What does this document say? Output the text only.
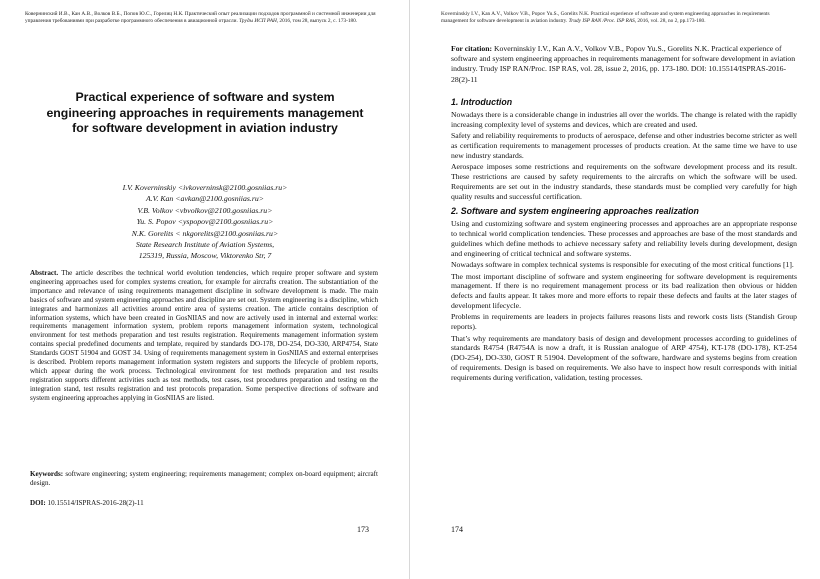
Ковернинский И.В., Кан А.В., Волков В.Б., Попов Ю.С., Горелиц Н.К. Практический опыт реализации подходов программной и системной инженерии для управления требованиями при разработке программного обеспечения в авиационной отрасли. Труды ИСП РАН, 2016, том 28, выпуск 2, с. 173-180.
Practical experience of software and system engineering approaches in requirements management for software development in aviation industry
I.V. Koverninskiy <ivkoverninsk@2100.gosniias.ru>
A.V. Kan <avkan@2100.gosniias.ru>
V.B. Volkov <vbvolkov@2100.gosniias.ru>
Yu. S. Popov <yspopov@2100.gosniias.ru>
N.K. Gorelits < nkgorelits@2100.gosniias.ru>
State Research Institute of Aviation Systems,
125319, Russia, Moscow, Viktorenko Str, 7

Abstract. The article describes the technical world evolution tendencies, which require proper software and system engineering approaches used for complex systems creation, for example for aircrafts creation. The substantiation of the importance and relevance of using requirements management discipline in software development is made. The main basics of software and system engineering approaches and discipline are set out. System engineering is a discipline, which integrates and harmonizes all activities around entire area of systems creation. The article contains description of information systems, which have been created in GosNIIAS and now are actively used in internal and external works: requirements management information system, problem reports management information system, technological environment for test methods preparation and test results registration. Requirements management information system contains special predefined documents and template, required by standards DO-178, DO-254, DO-330, ARP4754, State Standards GOST 51904 and GOST 34. Using of requirements management system in GosNIIAS and external enterprises is described. Problem reports management information system registers and supports the lifecycle of problem reports, which appear during the work process. Technological environment for test methods preparation and test results registration supports different activities such as test methods, test cases, test procedures preparation and testing on the integration stand, test results registration and test protocols preparation. Some perspective directions of software and system engineering approaches applying in GosNIIAS are listed.

Keywords: software engineering; system engineering; requirements management; complex on-board equipment; aircraft design.

DOI: 10.15514/ISPRAS-2016-28(2)-11

173
Koverninskiy I.V., Kan A.V., Volkov V.B., Popov Yu.S., Gorelits N.K. Practical experience of software and system engineering approaches in requirements management for software development in aviation industry. Trudy ISP RAN /Proc. ISP RAS, 2016, vol. 28, no 2, pp.173-180.
For citation: Koverninskiy I.V., Kan A.V., Volkov V.B., Popov Yu.S., Gorelits N.K. Practical experience of software and system engineering approaches in requirements management for software development in aviation industry. Trudy ISP RAN/Proc. ISP RAS, vol. 28, issue 2, 2016, pp. 173-180. DOI: 10.15514/ISPRAS-2016-28(2)-11
1. Introduction

Nowadays there is a considerable change in industries all over the worlds. The change is related with the rapidly increasing complexity level of systems and devices, which are created and used.

Safety and reliability requirements to products of aerospace, defense and other industries become stricter as well as certification requirements to management processes of products creation. At the same time we have to use new industry standards.

Aerospace imposes some restrictions and requirements on the software development process and its result. These restrictions are caused by safety requirements to the aircrafts on which the software will be used. Requirements are set out in the industry standards, these standards must be complied very carefully for high quality results and successful certification.

2. Software and system engineering approaches realization

Using and customizing software and system engineering processes and approaches are an appropriate response to technical world complication tendencies. These processes and approaches are base of the most standards and guidelines which define methods to achieve necessary safety and reliability levels during development, design and engineering of critical technical and software systems.

Nowadays software in complex technical systems is responsible for executing of the most critical functions [1].

The most important discipline of software and system engineering for software development is requirements management. If there is no requirement management process or its bad realization then obvious or hidden defects and faults appear. It takes more and more efforts to repair these defects and faults at the later stages of development lifecycle.

Problems in requirements are leaders in projects failures reasons lists and rework costs lists (Standish Group reports).

That’s why requirements are mandatory basis of design and development processes according to guidelines of standards R4754 (R4754A is now a draft, it is Russian analogue of ARP 4754), KT-178 (DO-178), KT-254 (DO-254), DO-330, GOST R 51904. Development of the software, hardware and systems begins from creation of requirements. Design is based on requirements. We also have to inspect how result corresponds with initial requirements during verification, validation, testing processes.

174
